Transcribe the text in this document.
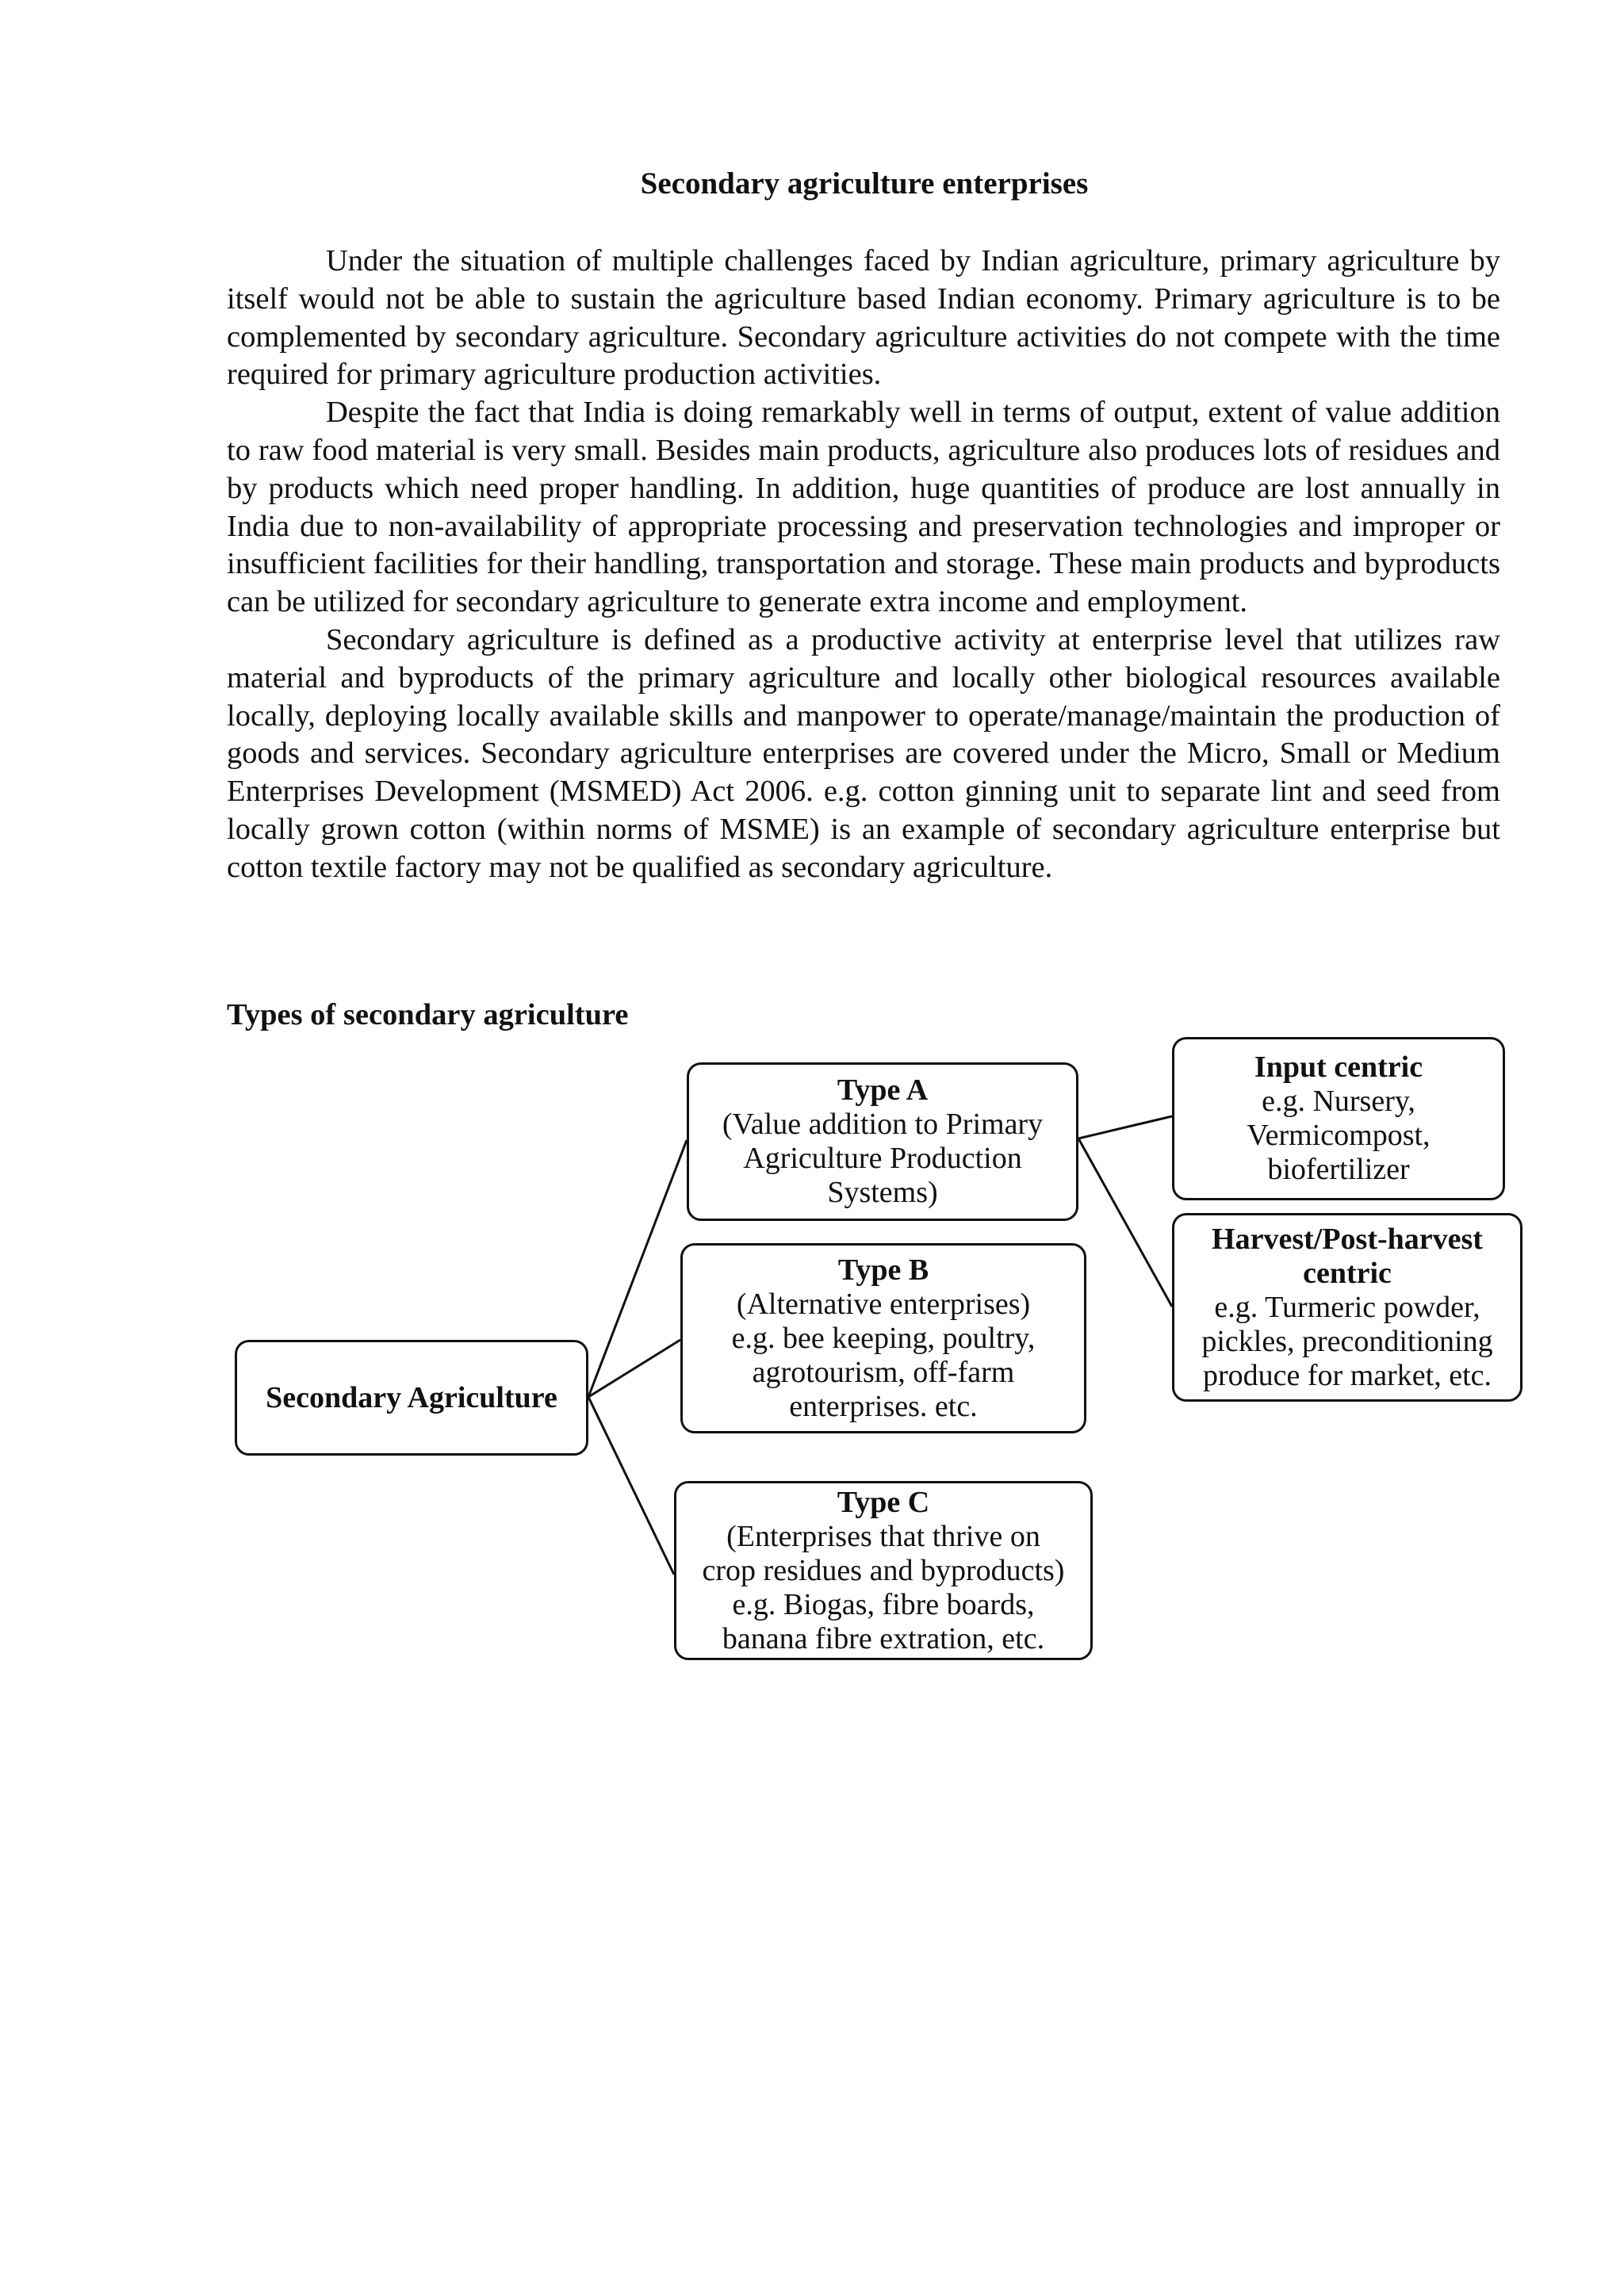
Secondary agriculture enterprises

Under the situation of multiple challenges faced by Indian agriculture, primary agriculture by itself would not be able to sustain the agriculture based Indian economy. Primary agriculture is to be complemented by secondary agriculture. Secondary agriculture activities do not compete with the time required for primary agriculture production activities.

Despite the fact that India is doing remarkably well in terms of output, extent of value addition to raw food material is very small. Besides main products, agriculture also produces lots of residues and by products which need proper handling. In addition, huge quantities of produce are lost annually in India due to non-availability of appropriate processing and preservation technologies and improper or insufficient facilities for their handling, transportation and storage. These main products and byproducts can be utilized for secondary agriculture to generate extra income and employment.

Secondary agriculture is defined as a productive activity at enterprise level that utilizes raw material and byproducts of the primary agriculture and locally other biological resources available locally, deploying locally available skills and manpower to operate/manage/maintain the production of goods and services. Secondary agriculture enterprises are covered under the Micro, Small or Medium Enterprises Development (MSMED) Act 2006. e.g. cotton ginning unit to separate lint and seed from locally grown cotton (within norms of MSME) is an example of secondary agriculture enterprise but cotton textile factory may not be qualified as secondary agriculture.

Types of secondary agriculture
Secondary Agriculture
Type A
(Value addition to Primary
Agriculture Production
Systems)
Type B
(Alternative enterprises)
e.g. bee keeping, poultry,
agrotourism, off-farm
enterprises. etc.
Type C
(Enterprises that thrive on
crop residues and byproducts)
e.g. Biogas, fibre boards,
banana fibre extration, etc.
Input centric
e.g. Nursery,
Vermicompost,
biofertilizer
Harvest/Post-harvest
centric
e.g. Turmeric powder,
pickles, preconditioning
produce for market, etc.
